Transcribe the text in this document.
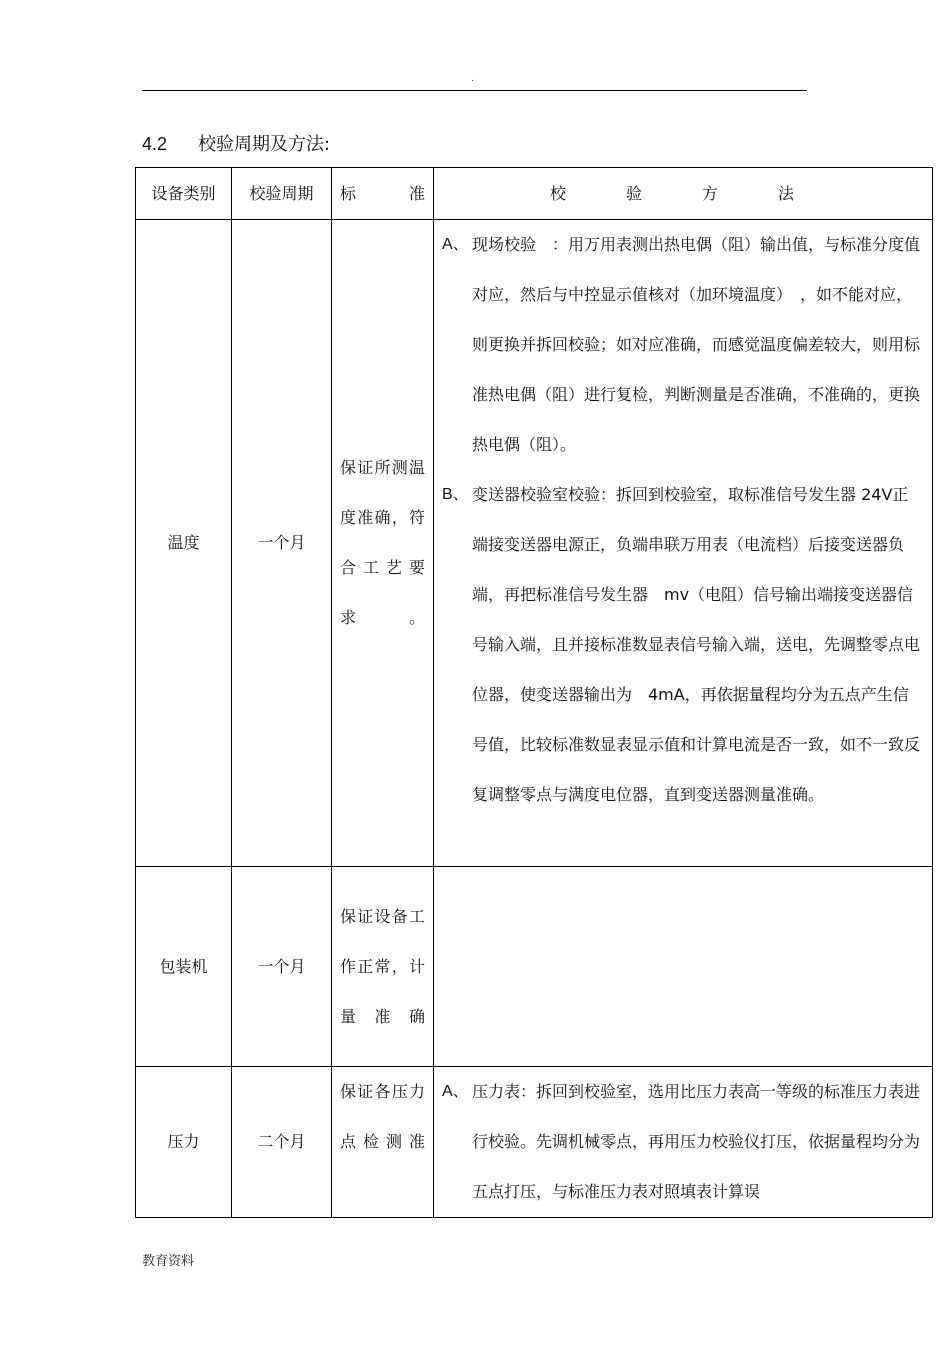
.
4.2 校验周期及方法:
设备类别	校验周期	标　　准	校　验　方　法
温度	一个月	保证所测温度准确，符合工艺要求。	A、 现场校验　：用万用表测出热电偶（阻）输出值，与标准分度值对应，然后与中控显示值核对（加环境温度）　，如不能对应，则更换并拆回校验；如对应准确，而感觉温度偏差较大，则用标准热电偶（阻）进行复检，判断测量是否准确，不准确的，更换热电偶（阻）。
B、 变送器校验室校验：拆回到校验室，取标准信号发生器 24V正端接变送器电源正，负端串联万用表（电流档）后接变送器负端，再把标准信号发生器　mv（电阻）信号输出端接变送器信号输入端，且并接标准数显表信号输入端，送电，先调整零点电位器，使变送器输出为　4mA，再依据量程均分为五点产生信号值，比较标准数显表显示值和计算电流是否一致，如不一致反复调整零点与满度电位器，直到变送器测量准确。

包装机	一个月	保证设备工作正常，计量准确	
压力	二个月	保证各压力点检测准	A、 压力表：拆回到校验室，选用比压力表高一等级的标准压力表进行校验。先调机械零点，再用压力校验仪打压，依据量程均分为五点打压，与标准压力表对照填表计算误
教育资料
